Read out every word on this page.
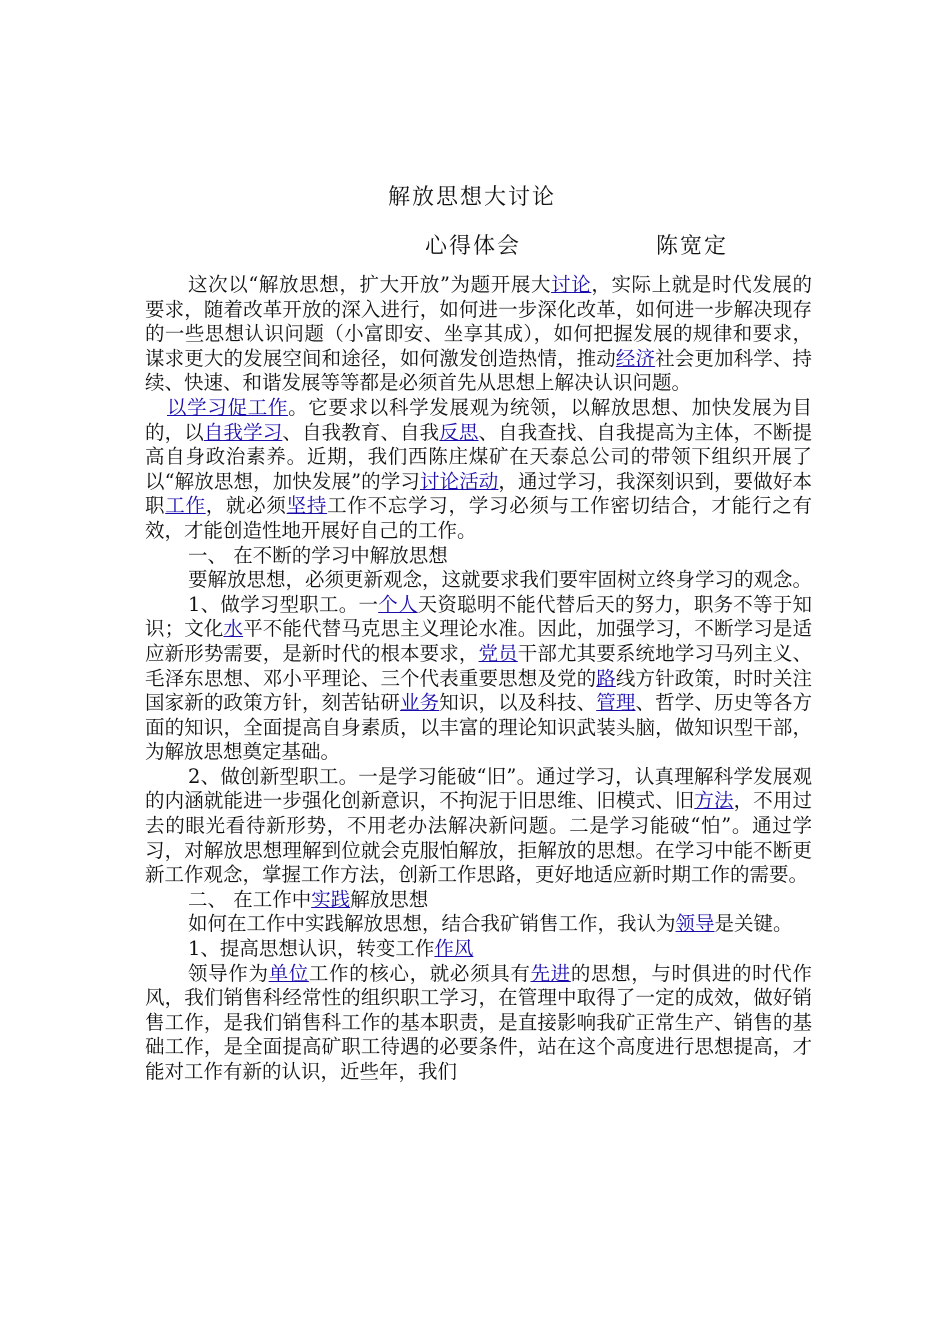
解放思想大讨论
心得体会	陈宽定

这次以“解放思想，扩大开放”为题开展大讨论，实际上就是时代发展的要求，随着改革开放的深入进行，如何进一步深化改革，如何进一步解决现存的一些思想认识问题（小富即安、坐享其成），如何把握发展的规律和要求，谋求更大的发展空间和途径，如何激发创造热情，推动经济社会更加科学、持续、快速、和谐发展等等都是必须首先从思想上解决认识问题。

以学习促工作。它要求以科学发展观为统领，以解放思想、加快发展为目的，以自我学习、自我教育、自我反思、自我查找、自我提高为主体，不断提高自身政治素养。近期，我们西陈庄煤矿在天泰总公司的带领下组织开展了以“解放思想，加快发展”的学习讨论活动，通过学习，我深刻识到，要做好本职工作，就必须坚持工作不忘学习，学习必须与工作密切结合，才能行之有效，才能创造性地开展好自己的工作。

一、 在不断的学习中解放思想

要解放思想，必须更新观念，这就要求我们要牢固树立终身学习的观念。

1、做学习型职工。一个人天资聪明不能代替后天的努力，职务不等于知识；文化水平不能代替马克思主义理论水准。因此，加强学习，不断学习是适应新形势需要，是新时代的根本要求，党员干部尤其要系统地学习马列主义、毛泽东思想、邓小平理论、三个代表重要思想及党的路线方针政策，时时关注国家新的政策方针，刻苦钻研业务知识，以及科技、管理、哲学、历史等各方面的知识，全面提高自身素质，以丰富的理论知识武装头脑，做知识型干部，为解放思想奠定基础。

2、做创新型职工。一是学习能破“旧”。通过学习，认真理解科学发展观的内涵就能进一步强化创新意识，不拘泥于旧思维、旧模式、旧方法，不用过去的眼光看待新形势，不用老办法解决新问题。二是学习能破“怕”。通过学习，对解放思想理解到位就会克服怕解放，拒解放的思想。在学习中能不断更新工作观念，掌握工作方法，创新工作思路，更好地适应新时期工作的需要。

二、 在工作中实践解放思想

如何在工作中实践解放思想，结合我矿销售工作，我认为领导是关键。

1、提高思想认识，转变工作作风

领导作为单位工作的核心，就必须具有先进的思想，与时俱进的时代作风，我们销售科经常性的组织职工学习，在管理中取得了一定的成效，做好销售工作，是我们销售科工作的基本职责，是直接影响我矿正常生产、销售的基础工作，是全面提高矿职工待遇的必要条件，站在这个高度进行思想提高，才能对工作有新的认识，近些年，我们
